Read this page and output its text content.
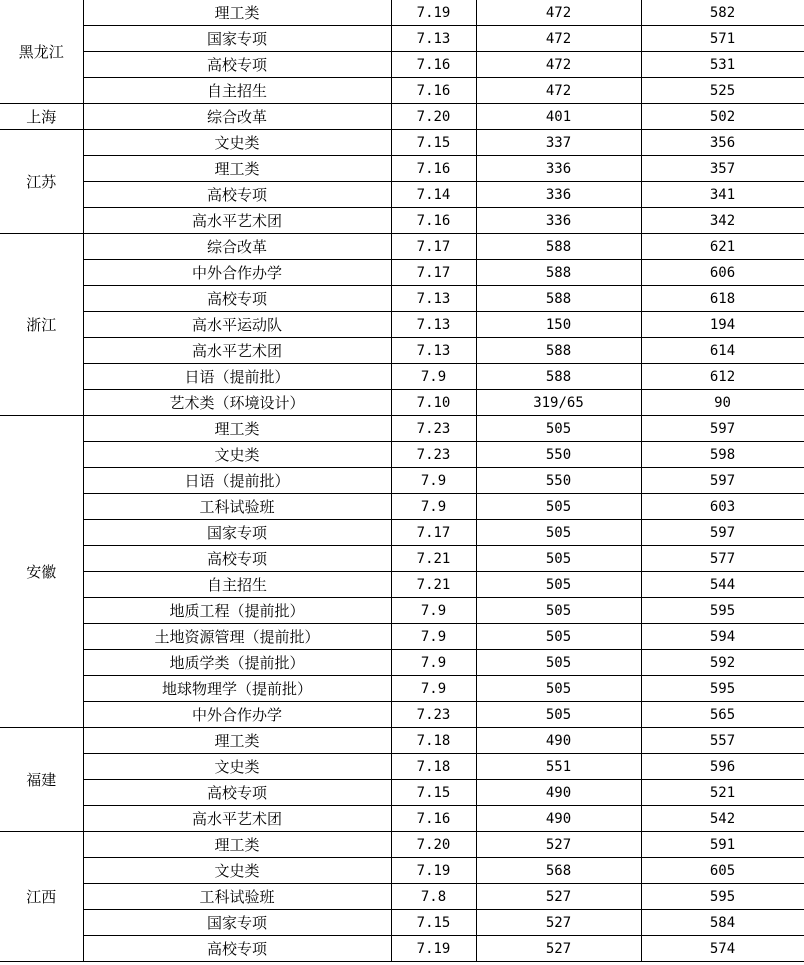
黑龙江	理工类	7.19	472	582
	国家专项	7.13	472	571
	高校专项	7.16	472	531
	自主招生	7.16	472	525
上海	综合改革	7.20	401	502
江苏	文史类	7.15	337	356
	理工类	7.16	336	357
	高校专项	7.14	336	341
	高水平艺术团	7.16	336	342
浙江	综合改革	7.17	588	621
	中外合作办学	7.17	588	606
	高校专项	7.13	588	618
	高水平运动队	7.13	150	194
	高水平艺术团	7.13	588	614
	日语（提前批）	7.9	588	612
	艺术类（环境设计）	7.10	319/65	90
安徽	理工类	7.23	505	597
	文史类	7.23	550	598
	日语（提前批）	7.9	550	597
	工科试验班	7.9	505	603
	国家专项	7.17	505	597
	高校专项	7.21	505	577
	自主招生	7.21	505	544
	地质工程（提前批）	7.9	505	595
	土地资源管理（提前批）	7.9	505	594
	地质学类（提前批）	7.9	505	592
	地球物理学（提前批）	7.9	505	595
	中外合作办学	7.23	505	565
福建	理工类	7.18	490	557
	文史类	7.18	551	596
	高校专项	7.15	490	521
	高水平艺术团	7.16	490	542
江西	理工类	7.20	527	591
	文史类	7.19	568	605
	工科试验班	7.8	527	595
	国家专项	7.15	527	584
	高校专项	7.19	527	574
